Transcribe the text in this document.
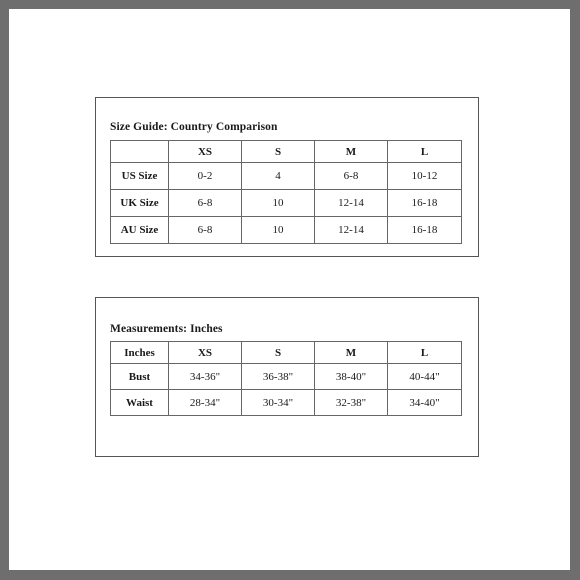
Size Guide: Country Comparison
	XS	S	M	L
US Size	0-2	4	6-8	10-12
UK Size	6-8	10	12-14	16-18
AU Size	6-8	10	12-14	16-18
Measurements: Inches
Inches	XS	S	M	L
Bust	34-36"	36-38"	38-40"	40-44"
Waist	28-34"	30-34"	32-38"	34-40"
